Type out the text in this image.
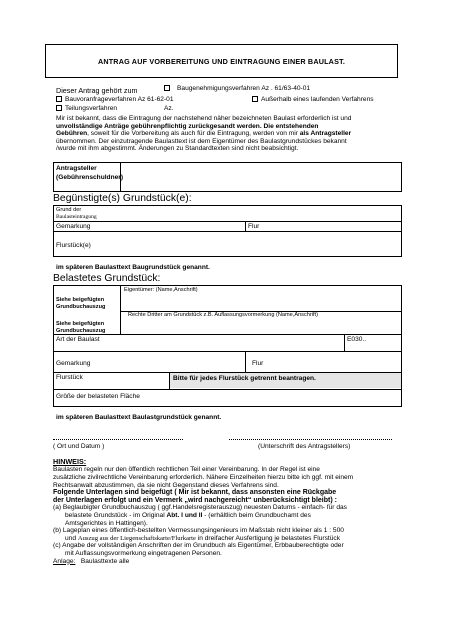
ANTRAG AUF VORBEREITUNG UND EINTRAGUNG EINER BAULAST.
Dieser Antrag gehört zum	Baugenehmigungsverfahren Az . 61/63-40-01
Bauvoranfrageverfahren Az 61-62-01	Außerhalb eines laufenden Verfahrens
Teilungsverfahren	Az.
Mir ist bekannt, dass die Eintragung der nachstehend näher bezeichneten Baulast erforderlich ist und
unvollständige Anträge gebührenpflichtig zurückgesandt werden. Die entstehenden
Gebühren, soweit für die Vorbereitung als auch für die Eintragung, werden von mir als Antragsteller
übernommen. Der einzutragende Baulasttext ist dem Eigentümer des Baulastgrundstückes bekannt
/wurde mit ihm abgestimmt. Änderungen zu Standardtexten sind nicht beabsichtigt.
Antragsteller
(Gebührenschuldner)
Begünstigte(s) Grundstück(e):
Grund der
Baulasteintragung
Gemarkung	Flur
Flurstück(e)
im späteren Baulasttext Baugrundstück genannt.
Belastetes Grundstück:
Eigentümer: (Name,Anschrift)
Siehe beigefügten
Grundbuchauszug
Rechte Dritter am Grundstück z.B. Auflassungsvormerkung (Name,Anschrift)
Siehe beigefügten
Grundbuchauszug
Art der Baulast	E030..
Gemarkung	Flur
Flurstück	Bitte für jedes Flurstück getrennt beantragen.
Größe der belasteten Fläche
im späteren Baulasttext Baulastgrundstück genannt.
( Ort und Datum )	(Unterschrift des Antragstellers)
HINWEIS:
Baulasten regeln nur den öffentlich rechtlichen Teil einer Vereinbarung. In der Regel ist eine
zusätzliche zivilrechtliche Vereinbarung erforderlich. Nähere Einzelheiten hierzu bitte ich ggf. mit einem
Rechtsanwalt abzustimmen, da sie nicht Gegenstand dieses Verfahrens sind.
Folgende Unterlagen sind beigefügt ( Mir ist bekannt, dass ansonsten eine Rückgabe
der Unterlagen erfolgt und ein Vermerk „wird nachgereicht“ unberücksichtigt bleibt) :
(a) Beglaubigter Grundbuchauszug ( ggf.Handelsregisterauszug) neuesten Datums - einfach- für das
belastete Grundstück - im Original Abt. I und II - (erhältlich beim Grundbuchamt des
Amtsgerichtes in Hattingen).
(b) Lageplan eines öffentlich-bestellten Vermessungsingenieurs im Maßstab nicht kleiner als 1 : 500
und Auszug aus der Liegenschaftskarte/Flurkarte in dreifacher Ausfertigung je belastetes Flurstück
(c) Angabe der vollständigen Anschriften der im Grundbuch als Eigentümer, Erbbauberechtigte oder
mit Auflassungsvormerkung eingetragenen Personen.
Anlage:   Baulasttexte alle
